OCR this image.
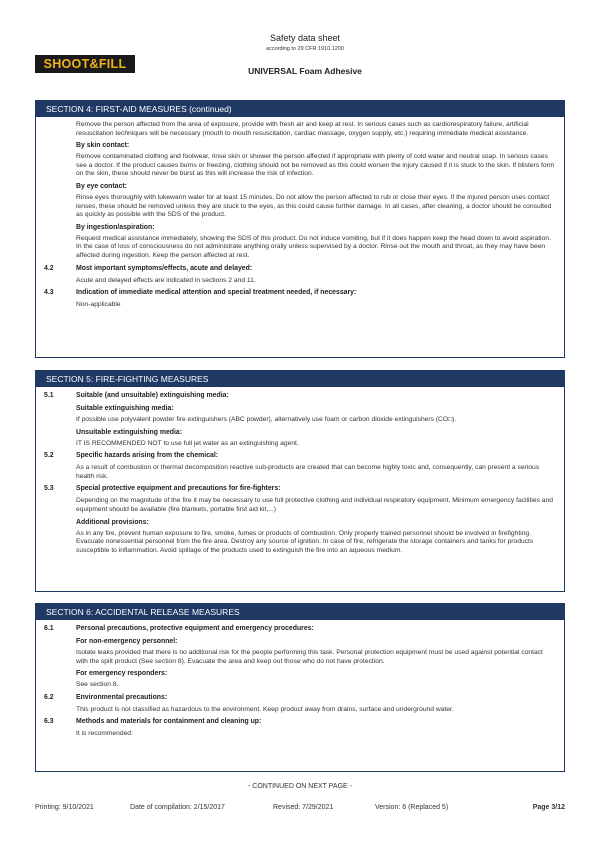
SHOOT&FILL
Safety data sheet
according to 29 CFR 1910.1200
UNIVERSAL Foam Adhesive
SECTION 4: FIRST-AID MEASURES (continued)
Remove the person affected from the area of exposure, provide with fresh air and keep at rest. In serious cases such as cardiorespiratory failure, artificial resuscitation techniques will be necessary (mouth to mouth resuscitation, cardiac massage, oxygen supply, etc.) requiring immediate medical assistance.
By skin contact:
Remove contaminated clothing and footwear, rinse skin or shower the person affected if appropriate with plenty of cold water and neutral soap. In serious cases see a doctor. If the product causes burns or freezing, clothing should not be removed as this could worsen the injury caused if it is stuck to the skin. If blisters form on the skin, these should never be burst as this will increase the risk of infection.
By eye contact:
Rinse eyes thoroughly with lukewarm water for at least 15 minutes. Do not allow the person affected to rub or close their eyes. If the injured person uses contact lenses, these should be removed unless they are stuck to the eyes, as this could cause further damage. In all cases, after cleaning, a doctor should be consulted as quickly as possible with the SDS of the product.
By ingestion/aspiration:
Request medical assistance immediately, showing the SDS of this product. Do not induce vomiting, but if it does happen keep the head down to avoid aspiration. In the case of loss of consciousness do not administrate anything orally unless supervised by a doctor. Rinse out the mouth and throat, as they may have been affected during ingestion. Keep the person affected at rest.
4.2	Most important symptoms/effects, acute and delayed:
Acute and delayed effects are indicated in sections 2 and 11.
4.3	Indication of immediate medical attention and special treatment needed, if necessary:
Non-applicable
SECTION 5: FIRE-FIGHTING MEASURES
5.1	Suitable (and unsuitable) extinguishing media:
Suitable extinguishing media:
If possible use polyvalent powder fire extinguishers (ABC powder), alternatively use foam or carbon dioxide extinguishers (CO□).
Unsuitable extinguishing media:
IT IS RECOMMENDED NOT to use full jet water as an extinguishing agent.
5.2	Specific hazards arising from the chemical:
As a result of combustion or thermal decomposition reactive sub-products are created that can become highly toxic and, consequently, can present a serious health risk.
5.3	Special protective equipment and precautions for fire-fighters:
Depending on the magnitude of the fire it may be necessary to use full protective clothing and individual respiratory equipment. Minimum emergency facilities and equipment should be available (fire blankets, portable first aid kit,...)
Additional provisions:
As in any fire, prevent human exposure to fire, smoke, fumes or products of combustion. Only properly trained personnel should be involved in firefighting. Evacuate nonessential personnel from the fire area. Destroy any source of ignition. In case of fire, refrigerate the storage containers and tanks for products susceptible to inflammation. Avoid spillage of the products used to extinguish the fire into an aqueous medium.
SECTION 6: ACCIDENTAL RELEASE MEASURES
6.1	Personal precautions, protective equipment and emergency procedures:
For non-emergency personnel:
Isolate leaks provided that there is no additional risk for the people performing this task. Personal protection equipment must be used against potential contact with the spilt product (See section 8). Evacuate the area and keep out those who do not have protection.
For emergency responders:
See section 8.
6.2	Environmental precautions:
This product is not classified as hazardous to the environment. Keep product away from drains, surface and underground water.
6.3	Methods and materials for containment and cleaning up:
It is recommended:
- CONTINUED ON NEXT PAGE -
Printing: 9/10/2021	Date of compilation: 2/15/2017	Revised: 7/29/2021	Version: 6 (Replaced 5)	Page 3/12
